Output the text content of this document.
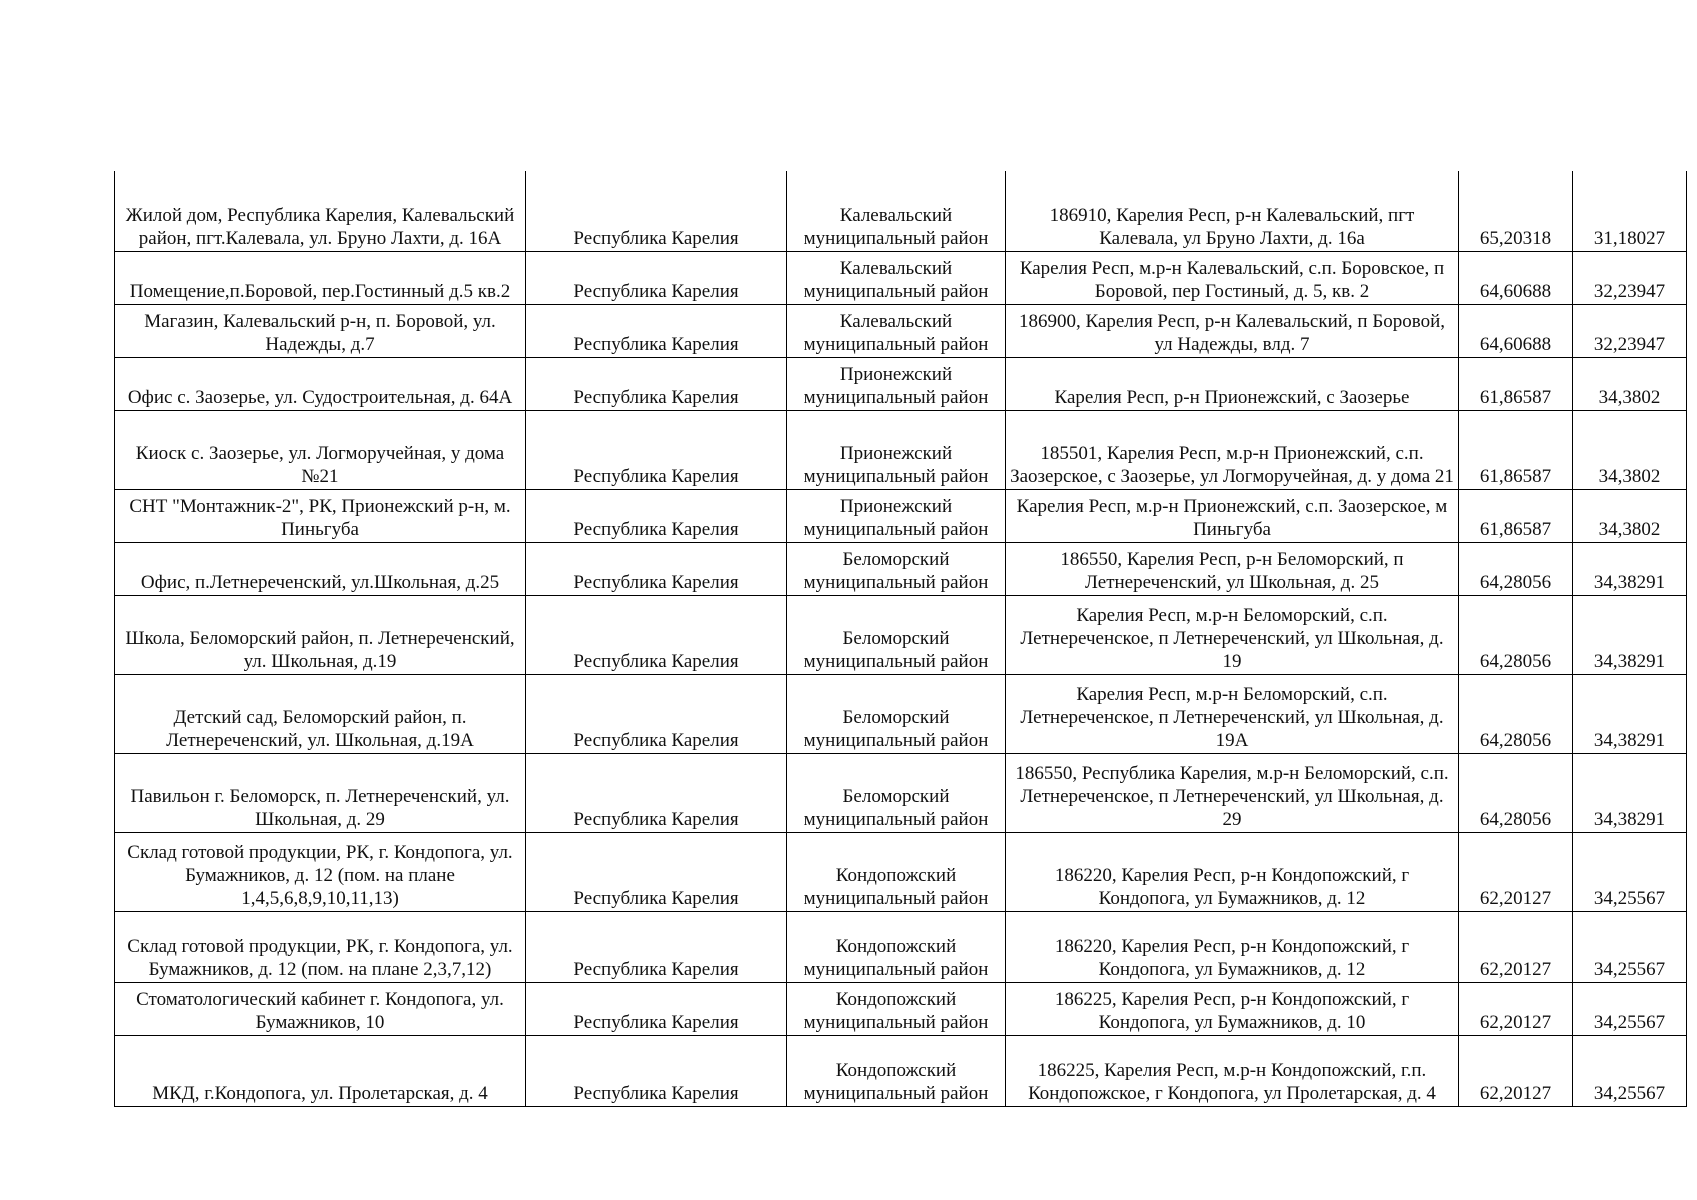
Жилой дом, Республика Карелия, Калевальский район, пгт.Калевала, ул. Бруно Лахти, д. 16А	Республика Карелия	Калевальский муниципальный район	186910, Карелия Респ, р-н Калевальский, пгт Калевала, ул Бруно Лахти, д. 16а	65,20318	31,18027
Помещение,п.Боровой, пер.Гостинный д.5 кв.2	Республика Карелия	Калевальский муниципальный район	Карелия Респ, м.р-н Калевальский, с.п. Боровское, п Боровой, пер Гостиный, д. 5, кв. 2	64,60688	32,23947
Магазин, Калевальский р-н, п. Боровой, ул. Надежды, д.7	Республика Карелия	Калевальский муниципальный район	186900, Карелия Респ, р-н Калевальский, п Боровой, ул Надежды, влд. 7	64,60688	32,23947
Офис с. Заозерье, ул. Судостроительная, д. 64А	Республика Карелия	Прионежский муниципальный район	Карелия Респ, р-н Прионежский, с Заозерье	61,86587	34,3802
Киоск с. Заозерье, ул. Логморучейная, у дома №21	Республика Карелия	Прионежский муниципальный район	185501, Карелия Респ, м.р-н Прионежский, с.п. Заозерское, с Заозерье, ул Логморучейная, д. у дома 21	61,86587	34,3802
СНТ "Монтажник-2", РК, Прионежский р-н, м. Пиньгуба	Республика Карелия	Прионежский муниципальный район	Карелия Респ, м.р-н Прионежский, с.п. Заозерское, м Пиньгуба	61,86587	34,3802
Офис, п.Летнереченский, ул.Школьная, д.25	Республика Карелия	Беломорский муниципальный район	186550, Карелия Респ, р-н Беломорский, п Летнереченский, ул Школьная, д. 25	64,28056	34,38291
Школа, Беломорский район, п. Летнереченский, ул. Школьная, д.19	Республика Карелия	Беломорский муниципальный район	Карелия Респ, м.р-н Беломорский, с.п. Летнереченское, п Летнереченский, ул Школьная, д. 19	64,28056	34,38291
Детский сад, Беломорский район, п. Летнереченский, ул. Школьная, д.19А	Республика Карелия	Беломорский муниципальный район	Карелия Респ, м.р-н Беломорский, с.п. Летнереченское, п Летнереченский, ул Школьная, д. 19А	64,28056	34,38291
Павильон г. Беломорск, п. Летнереченский, ул. Школьная, д. 29	Республика Карелия	Беломорский муниципальный район	186550, Республика Карелия, м.р-н Беломорский, с.п. Летнереченское, п Летнереченский, ул Школьная, д. 29	64,28056	34,38291
Склад готовой продукции, РК, г. Кондопога, ул. Бумажников, д. 12 (пом. на плане 1,4,5,6,8,9,10,11,13)	Республика Карелия	Кондопожский муниципальный район	186220, Карелия Респ, р-н Кондопожский, г Кондопога, ул Бумажников, д. 12	62,20127	34,25567
Склад готовой продукции, РК, г. Кондопога, ул. Бумажников, д. 12 (пом. на плане 2,3,7,12)	Республика Карелия	Кондопожский муниципальный район	186220, Карелия Респ, р-н Кондопожский, г Кондопога, ул Бумажников, д. 12	62,20127	34,25567
Стоматологический кабинет г. Кондопога, ул. Бумажников, 10	Республика Карелия	Кондопожский муниципальный район	186225, Карелия Респ, р-н Кондопожский, г Кондопога, ул Бумажников, д. 10	62,20127	34,25567
МКД, г.Кондопога, ул. Пролетарская, д. 4	Республика Карелия	Кондопожский муниципальный район	186225, Карелия Респ, м.р-н Кондопожский, г.п. Кондопожское, г Кондопога, ул Пролетарская, д. 4	62,20127	34,25567
